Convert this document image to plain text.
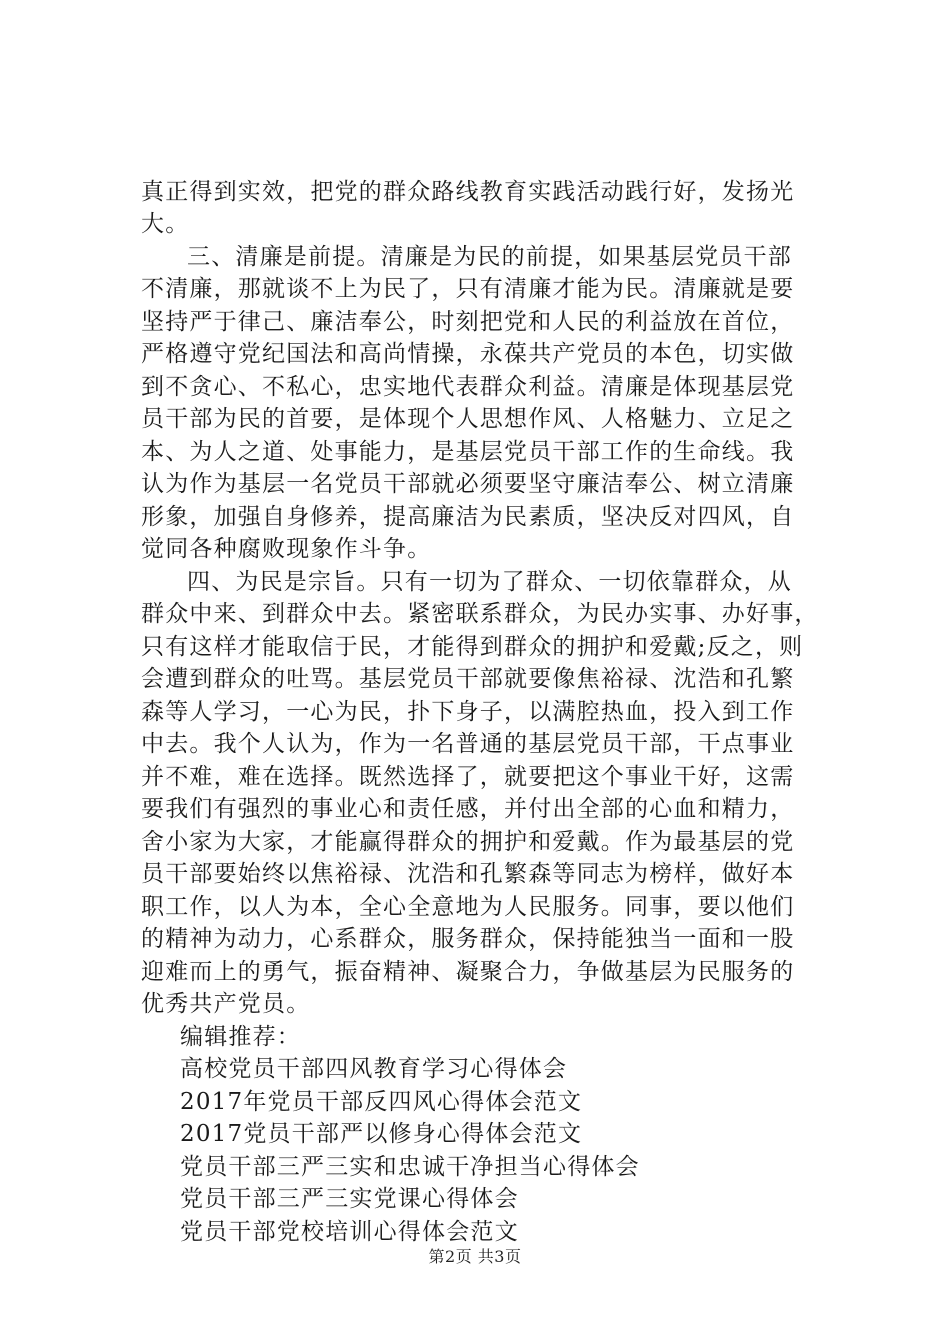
真正得到实效，把党的群众路线教育实践活动践行好，发扬光
大。
三、清廉是前提。清廉是为民的前提，如果基层党员干部
不清廉，那就谈不上为民了，只有清廉才能为民。清廉就是要
坚持严于律己、廉洁奉公，时刻把党和人民的利益放在首位，
严格遵守党纪国法和高尚情操，永葆共产党员的本色，切实做
到不贪心、不私心，忠实地代表群众利益。清廉是体现基层党
员干部为民的首要，是体现个人思想作风、人格魅力、立足之
本、为人之道、处事能力，是基层党员干部工作的生命线。我
认为作为基层一名党员干部就必须要坚守廉洁奉公、树立清廉
形象，加强自身修养，提高廉洁为民素质，坚决反对四风，自
觉同各种腐败现象作斗争。
四、为民是宗旨。只有一切为了群众、一切依靠群众，从
群众中来、到群众中去。紧密联系群众，为民办实事、办好事，
只有这样才能取信于民，才能得到群众的拥护和爱戴;反之，则
会遭到群众的吐骂。基层党员干部就要像焦裕禄、沈浩和孔繁
森等人学习，一心为民，扑下身子，以满腔热血，投入到工作
中去。我个人认为，作为一名普通的基层党员干部，干点事业
并不难，难在选择。既然选择了，就要把这个事业干好，这需
要我们有强烈的事业心和责任感，并付出全部的心血和精力，
舍小家为大家，才能赢得群众的拥护和爱戴。作为最基层的党
员干部要始终以焦裕禄、沈浩和孔繁森等同志为榜样，做好本
职工作，以人为本，全心全意地为人民服务。同事，要以他们
的精神为动力，心系群众，服务群众，保持能独当一面和一股
迎难而上的勇气，振奋精神、凝聚合力，争做基层为民服务的
优秀共产党员。
编辑推荐：
高校党员干部四风教育学习心得体会
2017年党员干部反四风心得体会范文
2017党员干部严以修身心得体会范文
党员干部三严三实和忠诚干净担当心得体会
党员干部三严三实党课心得体会
党员干部党校培训心得体会范文
第2页 共3页
